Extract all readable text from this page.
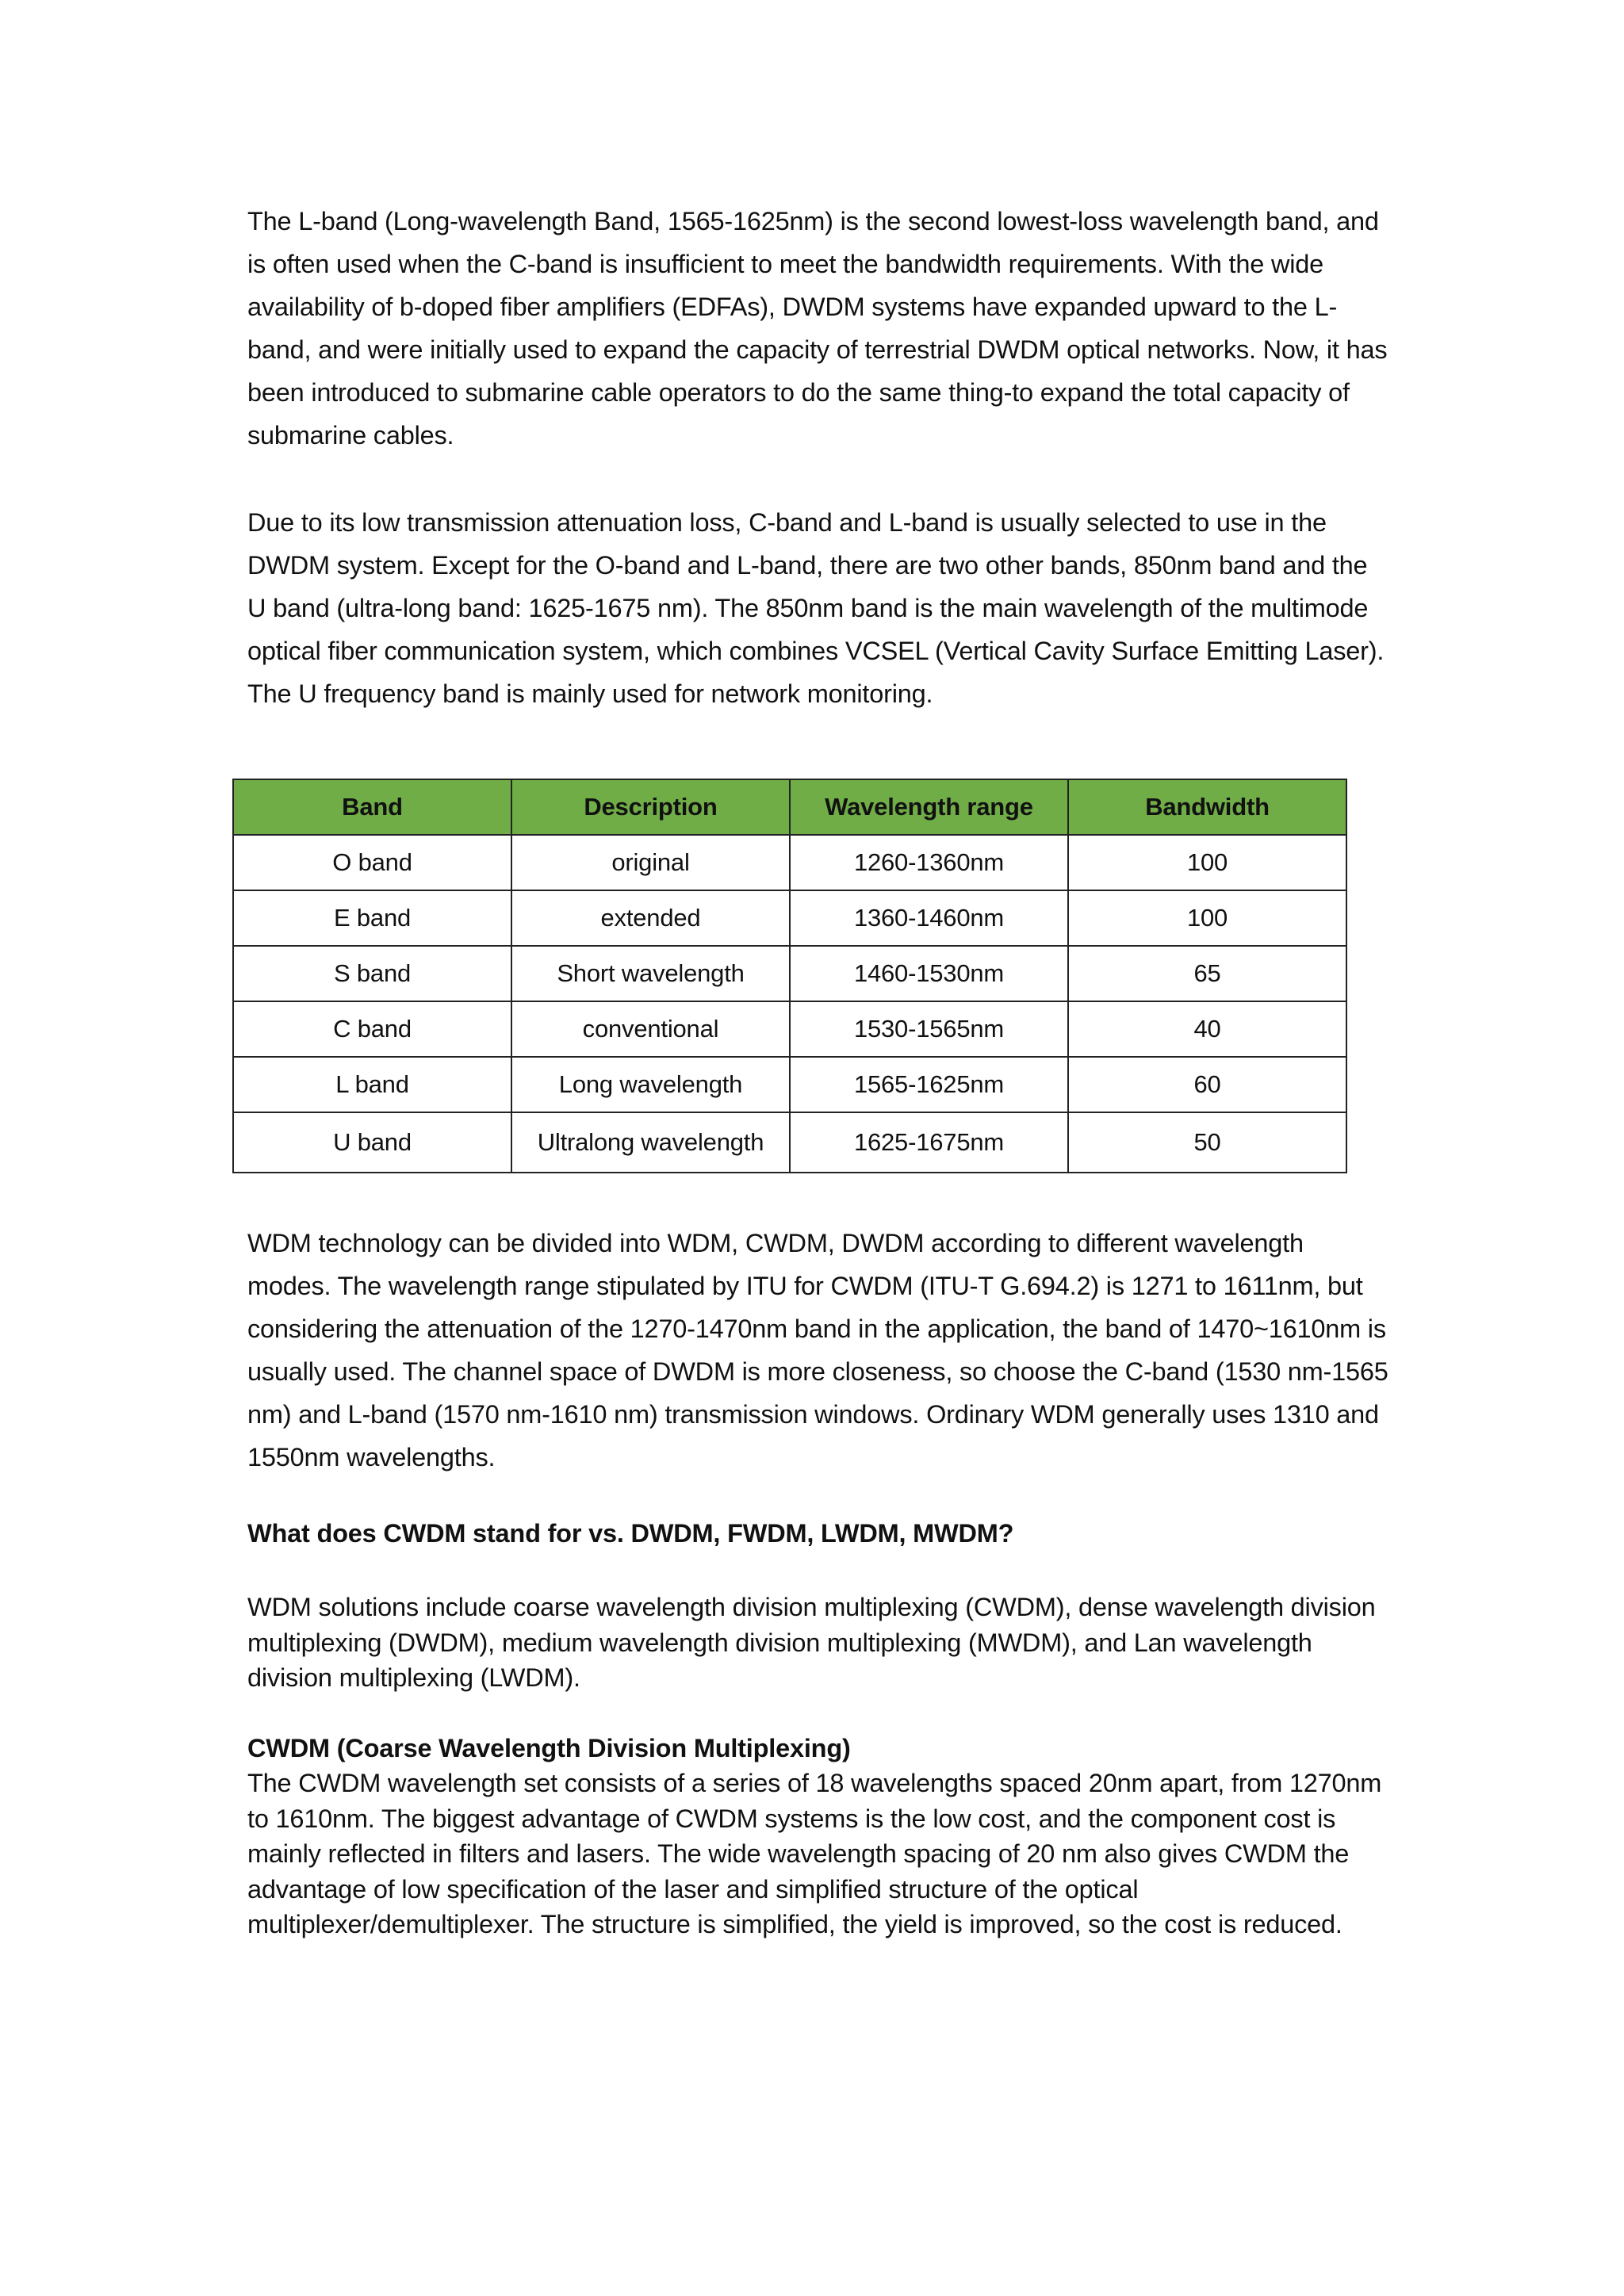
The L-band (Long-wavelength Band, 1565-1625nm) is the second lowest-loss wavelength band, and is often used when the C-band is insufficient to meet the bandwidth requirements. With the wide availability of b-doped fiber amplifiers (EDFAs), DWDM systems have expanded upward to the L-band, and were initially used to expand the capacity of terrestrial DWDM optical networks. Now, it has been introduced to submarine cable operators to do the same thing-to expand the total capacity of submarine cables.

Due to its low transmission attenuation loss, C-band and L-band is usually selected to use in the DWDM system. Except for the O-band and L-band, there are two other bands, 850nm band and the U band (ultra-long band: 1625-1675 nm). The 850nm band is the main wavelength of the multimode optical fiber communication system, which combines VCSEL (Vertical Cavity Surface Emitting Laser). The U frequency band is mainly used for network monitoring.

Band	Description	Wavelength range	Bandwidth
O band	original	1260-1360nm	100
E band	extended	1360-1460nm	100
S band	Short wavelength	1460-1530nm	65
C band	conventional	1530-1565nm	40
L band	Long wavelength	1565-1625nm	60
U band	Ultralong wavelength	1625-1675nm	50

WDM technology can be divided into WDM, CWDM, DWDM according to different wavelength modes. The wavelength range stipulated by ITU for CWDM (ITU-T G.694.2) is 1271 to 1611nm, but considering the attenuation of the 1270-1470nm band in the application, the band of 1470~1610nm is usually used. The channel space of DWDM is more closeness, so choose the C-band (1530 nm-1565 nm) and L-band (1570 nm-1610 nm) transmission windows. Ordinary WDM generally uses 1310 and 1550nm wavelengths.

What does CWDM stand for vs. DWDM, FWDM, LWDM, MWDM?

WDM solutions include coarse wavelength division multiplexing (CWDM), dense wavelength division multiplexing (DWDM), medium wavelength division multiplexing (MWDM), and Lan wavelength division multiplexing (LWDM).

CWDM (Coarse Wavelength Division Multiplexing)

The CWDM wavelength set consists of a series of 18 wavelengths spaced 20nm apart, from 1270nm to 1610nm. The biggest advantage of CWDM systems is the low cost, and the component cost is mainly reflected in filters and lasers. The wide wavelength spacing of 20 nm also gives CWDM the advantage of low specification of the laser and simplified structure of the optical multiplexer/demultiplexer. The structure is simplified, the yield is improved, so the cost is reduced.
